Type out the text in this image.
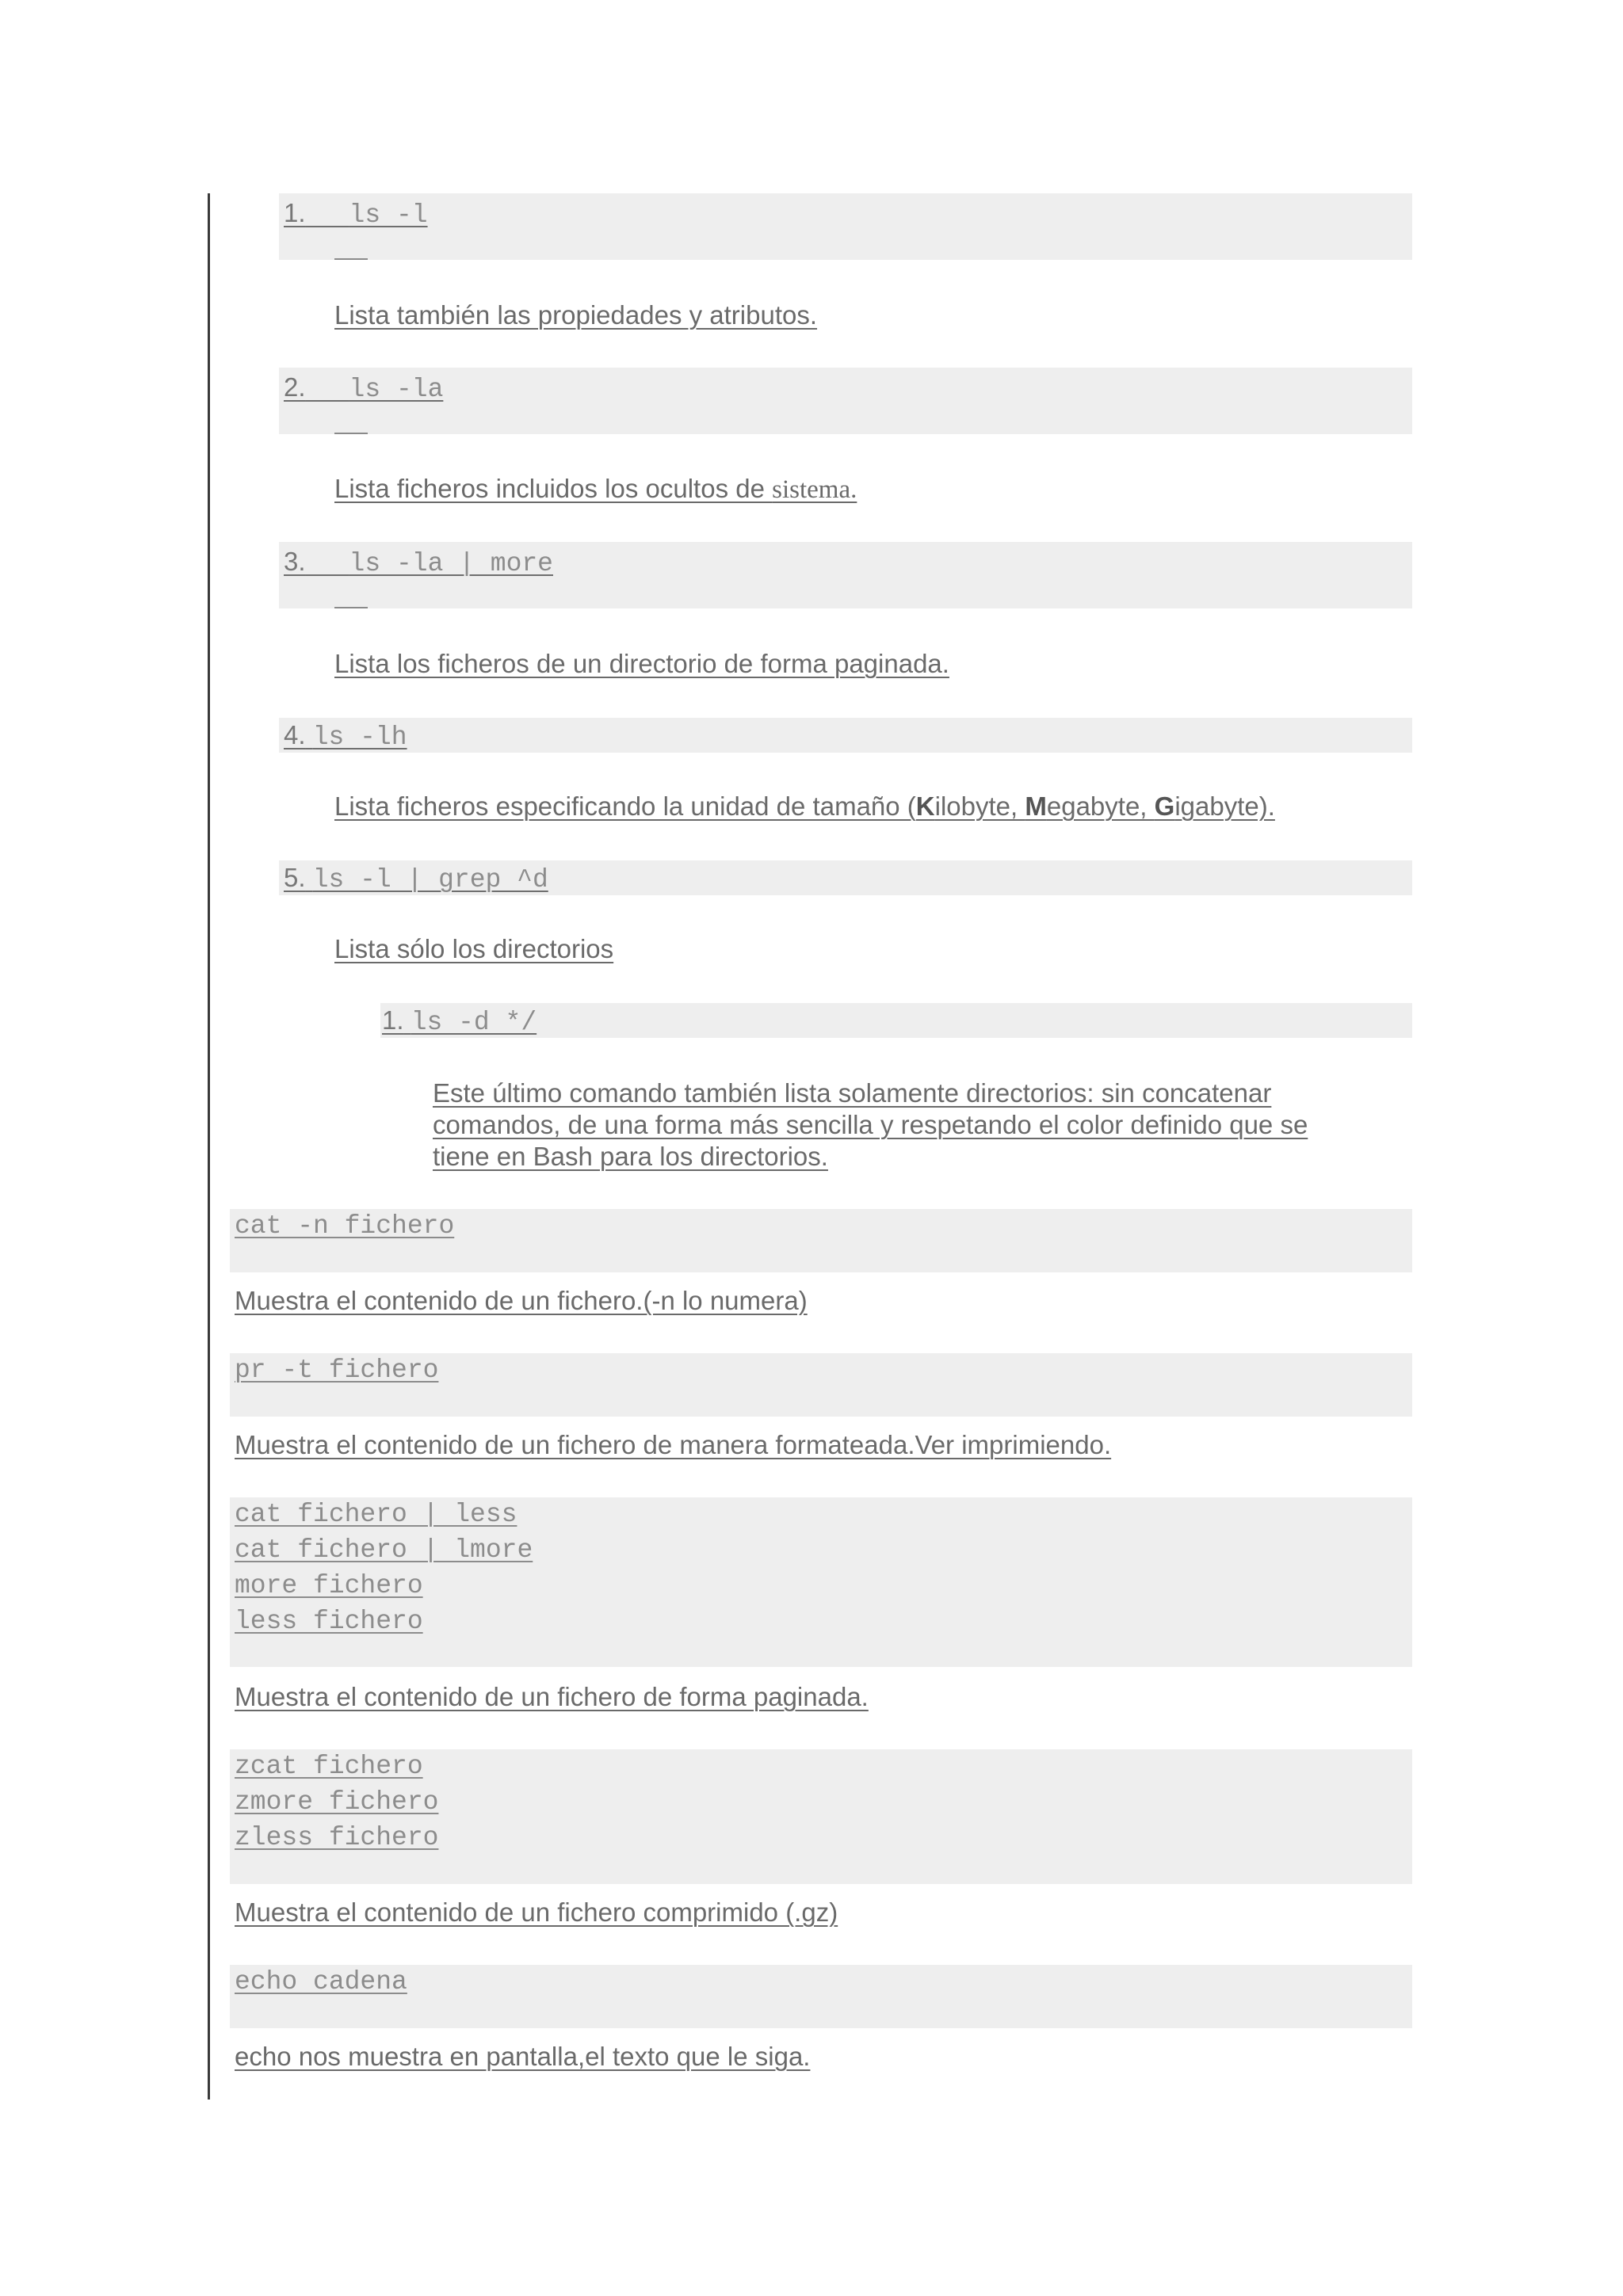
1. ls -l
Lista también las propiedades y atributos.
2. ls -la
Lista ficheros incluidos los ocultos de sistema.
3. ls -la | more
Lista los ficheros de un directorio de forma paginada.
4. ls -lh
Lista ficheros especificando la unidad de tamaño (Kilobyte, Megabyte, Gigabyte).
5. ls -l | grep ^d
Lista sólo los directorios
1. ls -d */
Este último comando también lista solamente directorios: sin concatenar
comandos, de una forma más sencilla y respetando el color definido que se
tiene en Bash para los directorios.
cat -n fichero
Muestra el contenido de un fichero.(-n lo numera)
pr -t fichero
Muestra el contenido de un fichero de manera formateada.Ver imprimiendo.
cat fichero | less
cat fichero | lmore
more fichero
less fichero
Muestra el contenido de un fichero de forma paginada.
zcat fichero
zmore fichero
zless fichero
Muestra el contenido de un fichero comprimido (.gz)
echo cadena
echo nos muestra en pantalla,el texto que le siga.
